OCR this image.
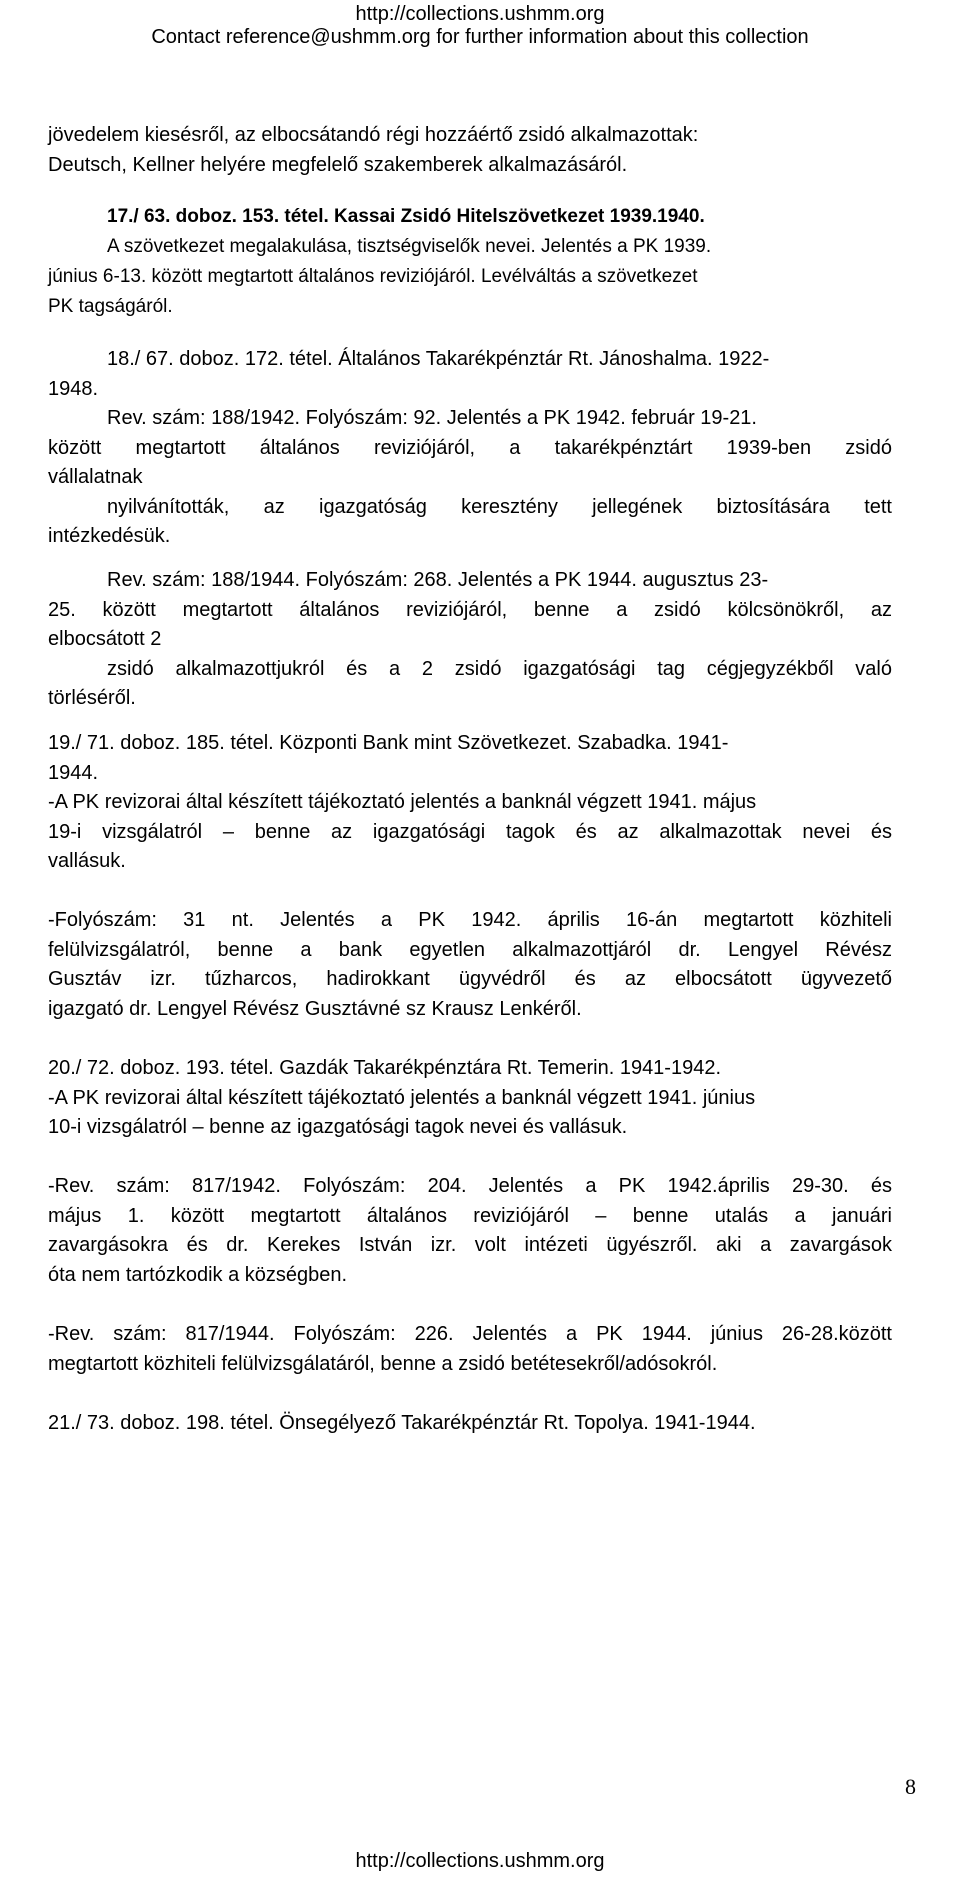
http://collections.ushmm.org
Contact reference@ushmm.org for further information about this collection
jövedelem kiesésről, az elbocsátandó régi hozzáértő zsidó alkalmazottak:
Deutsch, Kellner helyére megfelelő szakemberek alkalmazásáról.
17./ 63. doboz. 153. tétel. Kassai Zsidó Hitelszövetkezet 1939.1940.
A szövetkezet megalakulása, tisztségviselők nevei. Jelentés a PK 1939.
június 6-13. között megtartott általános reviziójáról. Levélváltás a szövetkezet
PK tagságáról.
18./ 67. doboz. 172. tétel. Általános Takarékpénztár Rt. Jánoshalma. 1922-
1948.
Rev. szám: 188/1942. Folyószám: 92. Jelentés a PK 1942. február 19-21.
között megtartott általános reviziójáról, a takarékpénztárt 1939-ben zsidó
vállalatnak
nyilvánították, az igazgatóság keresztény jellegének biztosítására tett
intézkedésük.
Rev. szám: 188/1944. Folyószám: 268. Jelentés a PK 1944. augusztus 23-
25. között megtartott általános reviziójáról, benne a zsidó kölcsönökről, az
elbocsátott 2
zsidó alkalmazottjukról és a 2 zsidó igazgatósági tag cégjegyzékből való
törléséről.
19./ 71. doboz. 185. tétel. Központi Bank mint Szövetkezet. Szabadka. 1941-
1944.
-A PK revizorai által készített tájékoztató jelentés a banknál végzett 1941. május
19-i vizsgálatról – benne az igazgatósági tagok és az alkalmazottak nevei és
vallásuk.
-Folyószám: 31 nt. Jelentés a PK 1942. április 16-án megtartott közhiteli
felülvizsgálatról, benne a bank egyetlen alkalmazottjáról dr. Lengyel Révész
Gusztáv izr. tűzharcos, hadirokkant ügyvédről és az elbocsátott ügyvezető
igazgató dr. Lengyel Révész Gusztávné sz Krausz Lenkéről.
20./ 72. doboz. 193. tétel. Gazdák Takarékpénztára Rt. Temerin. 1941-1942.
-A PK revizorai által készített tájékoztató jelentés a banknál végzett 1941. június
10-i vizsgálatról – benne az igazgatósági tagok nevei és vallásuk.
-Rev. szám: 817/1942. Folyószám: 204. Jelentés a PK 1942.április 29-30. és
május 1. között megtartott általános reviziójáról – benne utalás a januári
zavargásokra és dr. Kerekes István izr. volt intézeti ügyészről. aki a zavargások
óta nem tartózkodik a községben.
-Rev. szám: 817/1944. Folyószám: 226. Jelentés a PK 1944. június 26-28.között
megtartott közhiteli felülvizsgálatáról, benne a zsidó betétesekről/adósokról.
21./ 73. doboz. 198. tétel. Önsegélyező Takarékpénztár Rt. Topolya. 1941-1944.
8
http://collections.ushmm.org
